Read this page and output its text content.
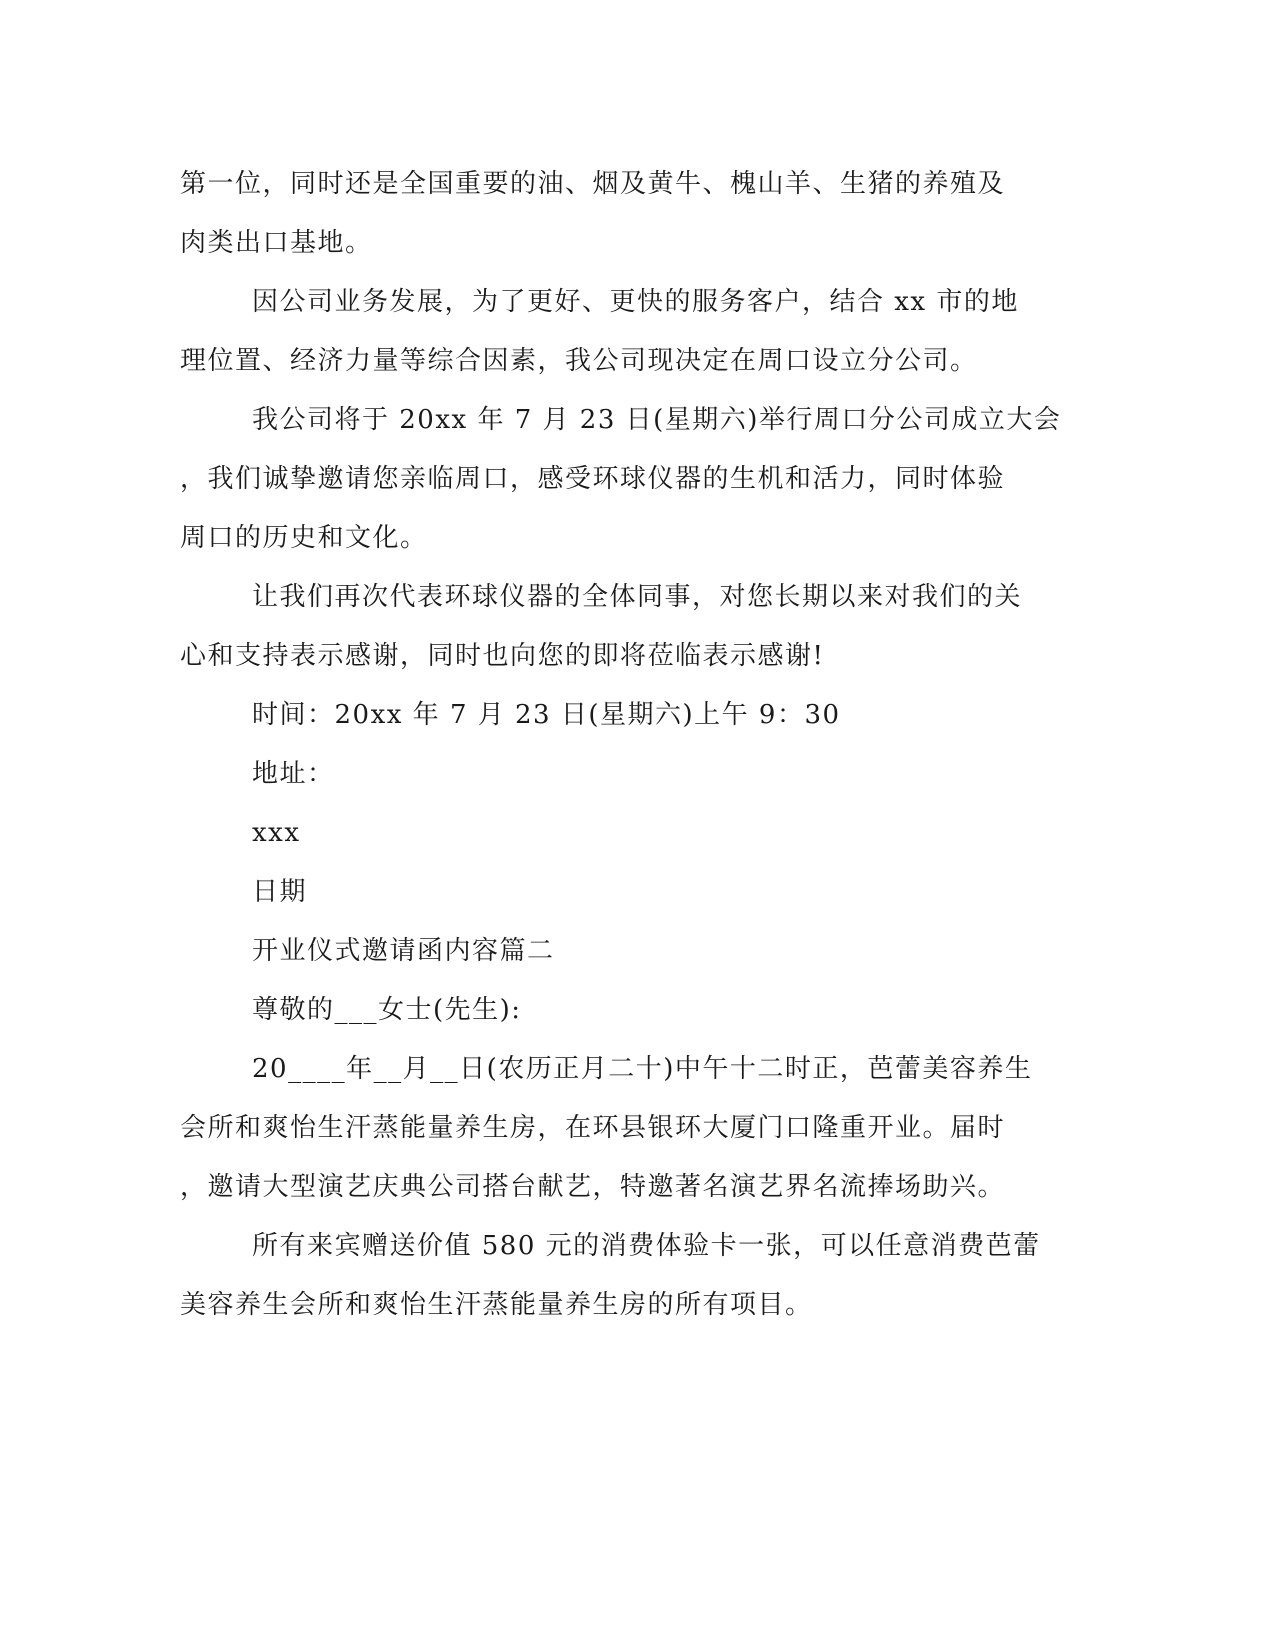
第一位，同时还是全国重要的油、烟及黄牛、槐山羊、生猪的养殖及
肉类出口基地。
因公司业务发展，为了更好、更快的服务客户，结合 xx 市的地
理位置、经济力量等综合因素，我公司现决定在周口设立分公司。
我公司将于 20xx 年 7 月 23 日(星期六)举行周口分公司成立大会
，我们诚挚邀请您亲临周口，感受环球仪器的生机和活力，同时体验
周口的历史和文化。
让我们再次代表环球仪器的全体同事，对您长期以来对我们的关
心和支持表示感谢，同时也向您的即将莅临表示感谢!
时间：20xx 年 7 月 23 日(星期六)上午 9：30
地址：
xxx
日期
开业仪式邀请函内容篇二
尊敬的___女士(先生):
20____年__月__日(农历正月二十)中午十二时正，芭蕾美容养生
会所和爽怡生汗蒸能量养生房，在环县银环大厦门口隆重开业。届时
，邀请大型演艺庆典公司搭台献艺，特邀著名演艺界名流捧场助兴。
所有来宾赠送价值 580 元的消费体验卡一张，可以任意消费芭蕾
美容养生会所和爽怡生汗蒸能量养生房的所有项目。
